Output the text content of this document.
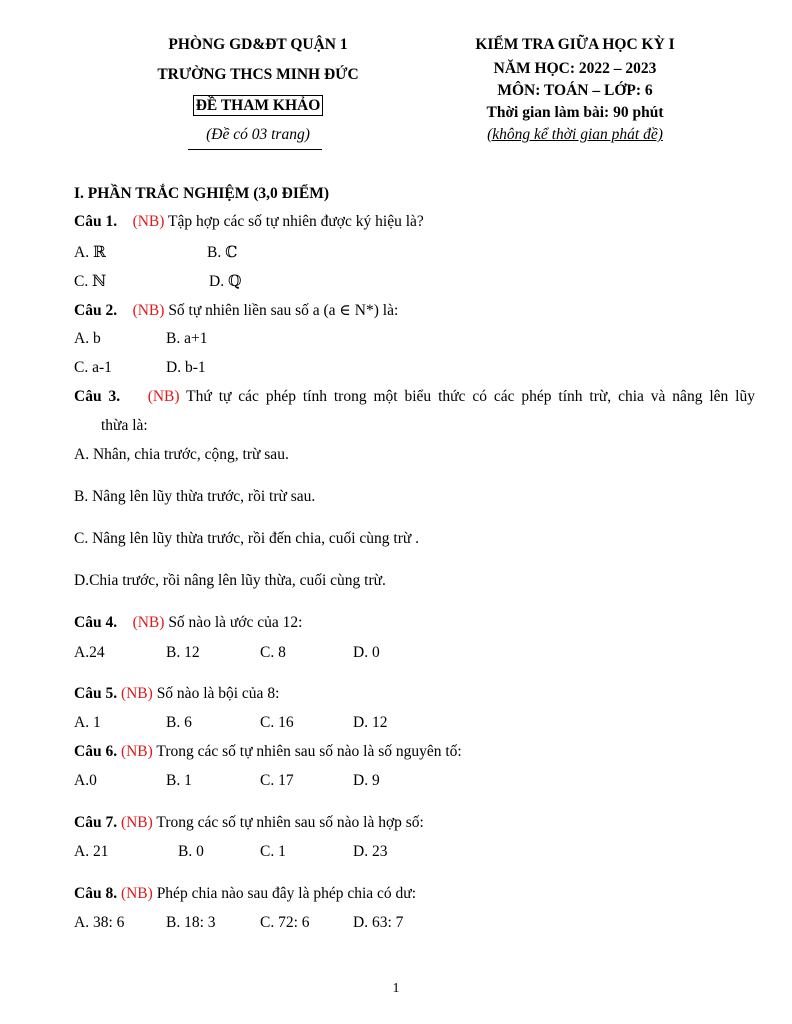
PHÒNG GD&ĐT QUẬN 1
TRƯỜNG THCS MINH ĐỨC
ĐỀ THAM KHẢO
(Đề có 03 trang)
KIỂM TRA GIỮA HỌC KỲ I
NĂM HỌC: 2022 – 2023
MÔN: TOÁN – LỚP: 6
Thời gian làm bài: 90 phút
(không kể thời gian phát đề)
I. PHẦN TRẮC NGHIỆM (3,0 ĐIỂM)
Câu 1. (NB) Tập hợp các số tự nhiên được ký hiệu là?
A. ℝ	B. ℂ
C. ℕ	D. ℚ
Câu 2. (NB) Số tự nhiên liền sau số a (a ∈ N*) là:
A. b	B. a+1
C. a-1	D. b-1
Câu 3. (NB) Thứ tự các phép tính trong một biểu thức có các phép tính trừ, chia và nâng lên lũy
thừa là:
A. Nhân, chia trước, cộng, trừ sau.
B. Nâng lên lũy thừa trước, rồi trừ sau.
C. Nâng lên lũy thừa trước, rồi đến chia, cuối cùng trừ .
D.Chia trước, rồi nâng lên lũy thừa, cuối cùng trừ.
Câu 4. (NB) Số nào là ước của 12:
A.24	B. 12	C. 8	D. 0
Câu 5. (NB) Số nào là bội của 8:
A. 1	B. 6	C. 16	D. 12
Câu 6. (NB) Trong các số tự nhiên sau số nào là số nguyên tố:
A.0	B. 1	C. 17	D. 9
Câu 7. (NB) Trong các số tự nhiên sau số nào là hợp số:
A. 21	B. 0	C. 1	D. 23
Câu 8. (NB) Phép chia nào sau đây là phép chia có dư:
A. 38: 6	B. 18: 3	C. 72: 6	D. 63: 7
1
